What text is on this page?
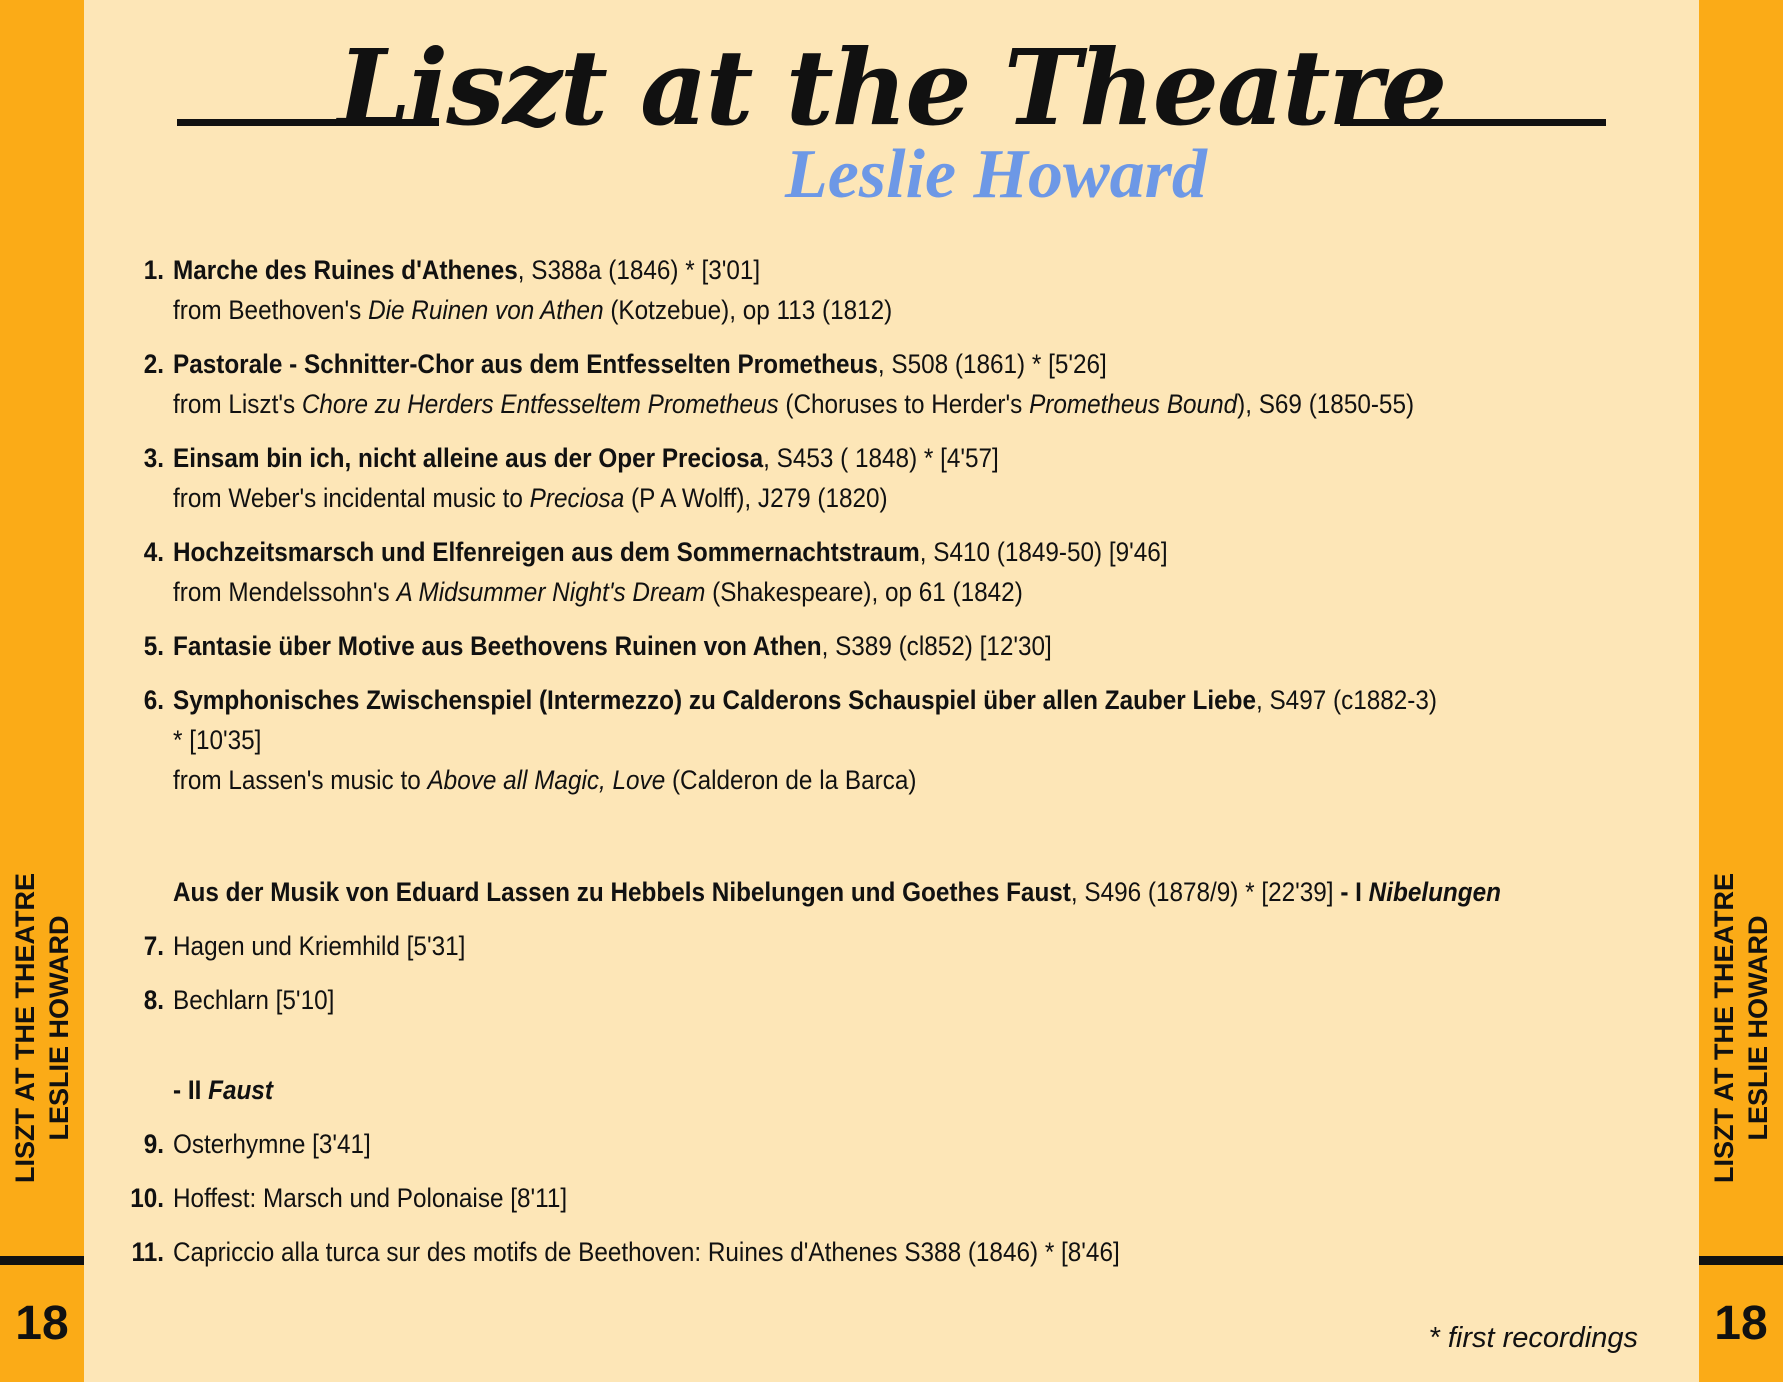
LISZT AT THE THEATRE LESLIE HOWARD
18
LISZT AT THE THEATRE LESLIE HOWARD
18
Liszt at the Theatre
Leslie Howard
1. Marche des Ruines d'Athenes, S388a (1846) * [3'01]
from Beethoven's Die Ruinen von Athen (Kotzebue), op 113 (1812)
2. Pastorale - Schnitter-Chor aus dem Entfesselten Prometheus, S508 (1861) * [5'26]
from Liszt's Chore zu Herders Entfesseltem Prometheus (Choruses to Herder's Prometheus Bound), S69 (1850-55)
3. Einsam bin ich, nicht alleine aus der Oper Preciosa, S453 ( 1848) * [4'57]
from Weber's incidental music to Preciosa (P A Wolff), J279 (1820)
4. Hochzeitsmarsch und Elfenreigen aus dem Sommernachtstraum, S410 (1849-50) [9'46]
from Mendelssohn's A Midsummer Night's Dream (Shakespeare), op 61 (1842)
5. Fantasie über Motive aus Beethovens Ruinen von Athen, S389 (cl852) [12'30]
6. Symphonisches Zwischenspiel (Intermezzo) zu Calderons Schauspiel über allen Zauber Liebe, S497 (c1882-3)
* [10'35]
from Lassen's music to Above all Magic, Love (Calderon de la Barca)
Aus der Musik von Eduard Lassen zu Hebbels Nibelungen und Goethes Faust, S496 (1878/9) * [22'39] - I Nibelungen
7. Hagen und Kriemhild [5'31]
8. Bechlarn [5'10]
- II Faust
9. Osterhymne [3'41]
10. Hoffest: Marsch und Polonaise [8'11]
11. Capriccio alla turca sur des motifs de Beethoven: Ruines d'Athenes S388 (1846) * [8'46]
* first recordings
